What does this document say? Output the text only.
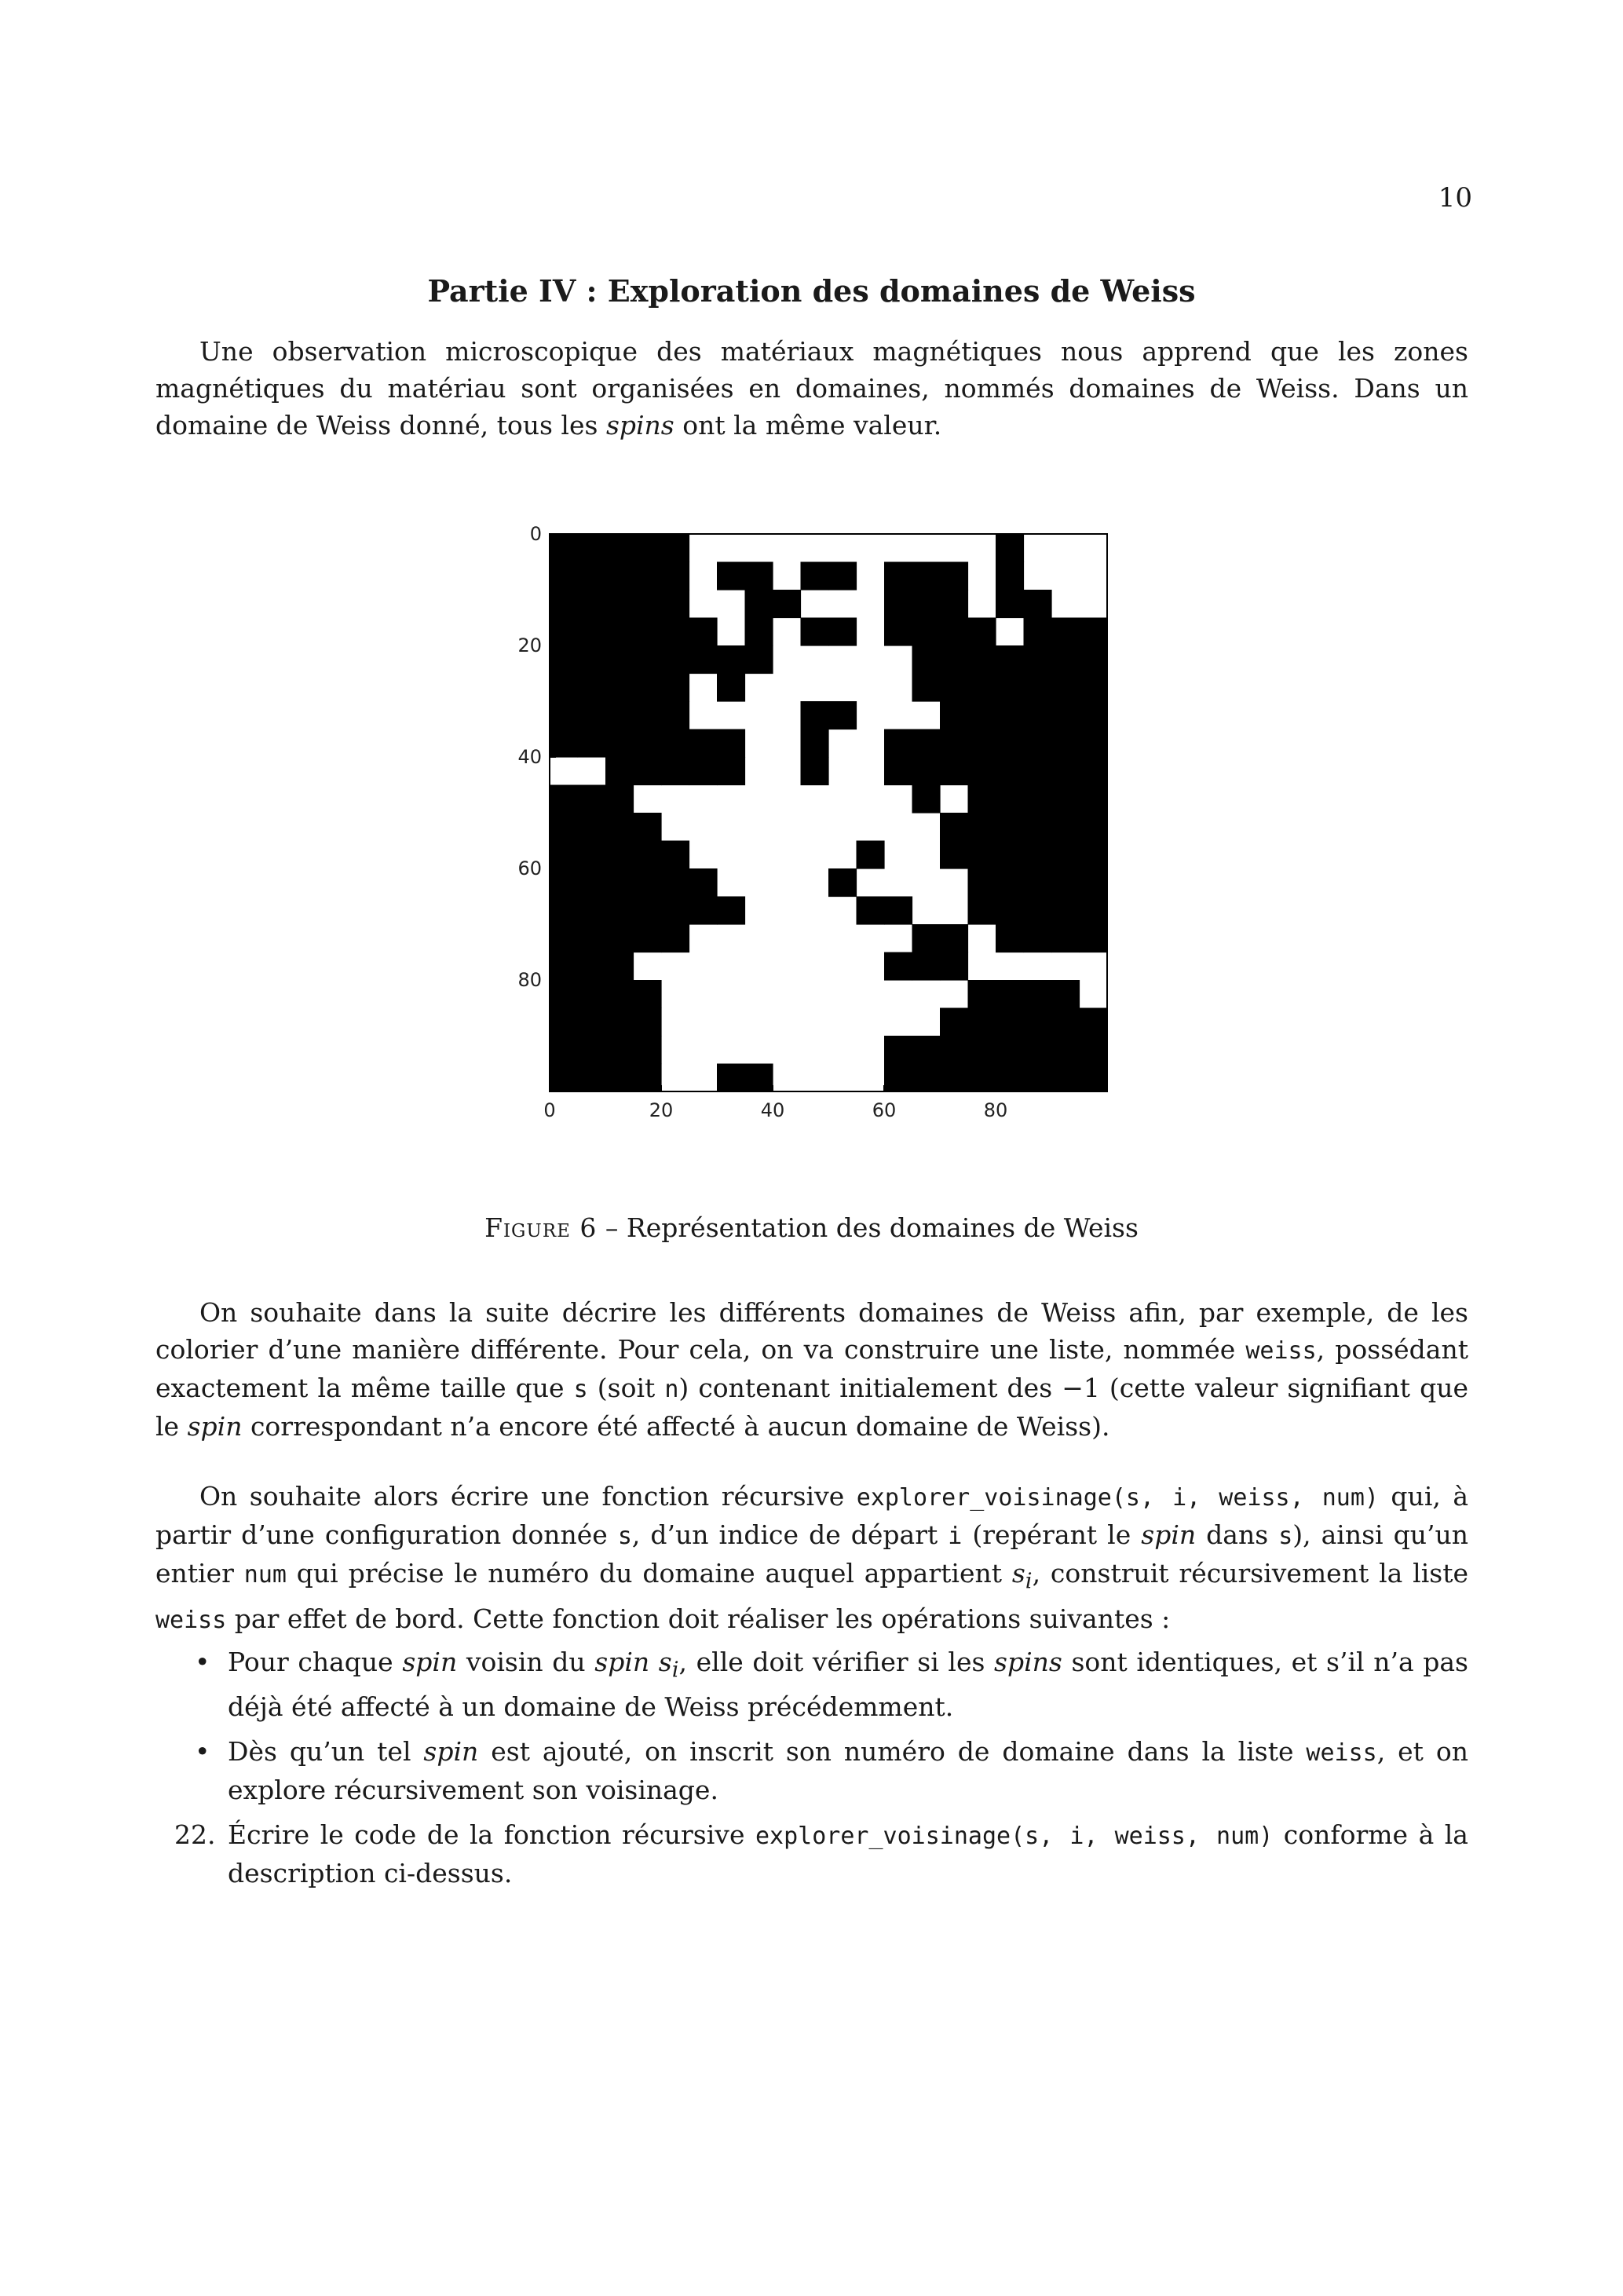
10
Partie IV : Exploration des domaines de Weiss
Une observation microscopique des matériaux magnétiques nous apprend que les zones magnétiques du matériau sont organisées en domaines, nommés domaines de Weiss. Dans un domaine de Weiss donné, tous les spins ont la même valeur.
0	20	40	60	80
0
20
40
60
80
Figure 6 – Représentation des domaines de Weiss
On souhaite dans la suite décrire les différents domaines de Weiss afin, par exemple, de les colorier d’une manière différente. Pour cela, on va construire une liste, nommée weiss, possédant exactement la même taille que s (soit n) contenant initialement des −1 (cette valeur signifiant que le spin correspondant n’a encore été affecté à aucun domaine de Weiss).
On souhaite alors écrire une fonction récursive explorer_voisinage(s, i, weiss, num) qui, à partir d’une configuration donnée s, d’un indice de départ i (repérant le spin dans s), ainsi qu’un entier num qui précise le numéro du domaine auquel appartient $s_i$, construit récursivement la liste weiss par effet de bord. Cette fonction doit réaliser les opérations suivantes :
• Pour chaque spin voisin du spin $s_i$, elle doit vérifier si les spins sont identiques, et s’il n’a pas déjà été affecté à un domaine de Weiss précédemment.
• Dès qu’un tel spin est ajouté, on inscrit son numéro de domaine dans la liste weiss, et on explore récursivement son voisinage.
22. Écrire le code de la fonction récursive explorer_voisinage(s, i, weiss, num) conforme à la description ci-dessus.
